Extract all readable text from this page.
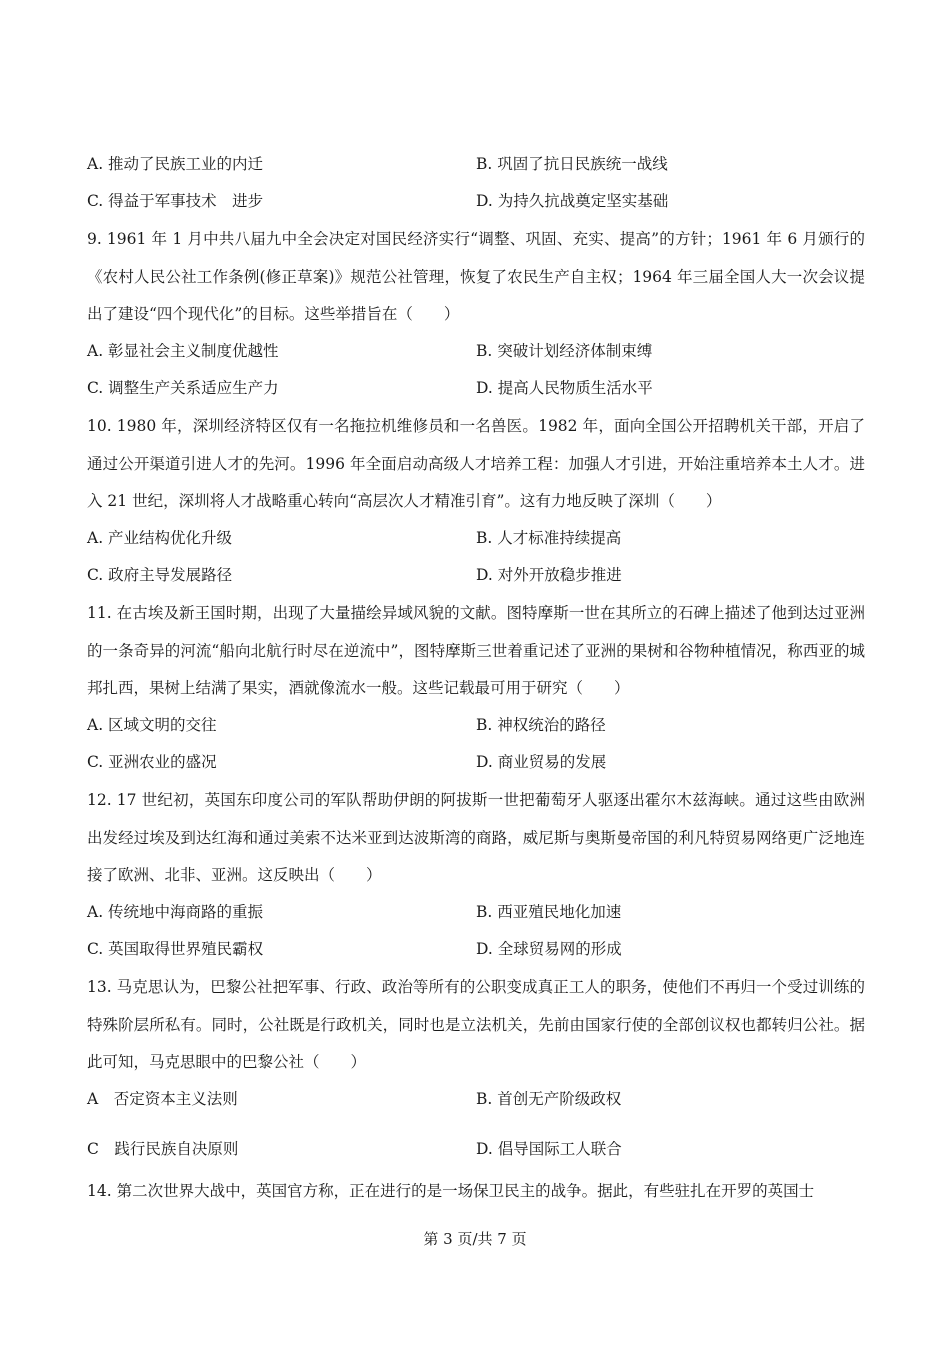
A. 推动了民族工业的内迁	B. 巩固了抗日民族统一战线
C. 得益于军事技术　进步	D. 为持久抗战奠定坚实基础
9. 1961 年 1 月中共八届九中全会决定对国民经济实行“调整、巩固、充实、提高”的方针；1961 年 6 月颁行的《农村人民公社工作条例(修正草案)》规范公社管理，恢复了农民生产自主权；1964 年三届全国人大一次会议提出了建设“四个现代化”的目标。这些举措旨在（　　）
A. 彰显社会主义制度优越性	B. 突破计划经济体制束缚
C. 调整生产关系适应生产力	D. 提高人民物质生活水平
10. 1980 年，深圳经济特区仅有一名拖拉机维修员和一名兽医。1982 年，面向全国公开招聘机关干部，开启了通过公开渠道引进人才的先河。1996 年全面启动高级人才培养工程：加强人才引进，开始注重培养本土人才。进入 21 世纪，深圳将人才战略重心转向“高层次人才精准引育”。这有力地反映了深圳（　　）
A. 产业结构优化升级	B. 人才标准持续提高
C. 政府主导发展路径	D. 对外开放稳步推进
11. 在古埃及新王国时期，出现了大量描绘异域风貌的文献。图特摩斯一世在其所立的石碑上描述了他到达过亚洲的一条奇异的河流“船向北航行时尽在逆流中”，图特摩斯三世着重记述了亚洲的果树和谷物种植情况，称西亚的城邦扎西，果树上结满了果实，酒就像流水一般。这些记载最可用于研究（　　）
A. 区域文明的交往	B. 神权统治的路径
C. 亚洲农业的盛况	D. 商业贸易的发展
12. 17 世纪初，英国东印度公司的军队帮助伊朗的阿拔斯一世把葡萄牙人驱逐出霍尔木兹海峡。通过这些由欧洲出发经过埃及到达红海和通过美索不达米亚到达波斯湾的商路，威尼斯与奥斯曼帝国的利凡特贸易网络更广泛地连接了欧洲、北非、亚洲。这反映出（　　）
A. 传统地中海商路的重振	B. 西亚殖民地化加速
C. 英国取得世界殖民霸权	D. 全球贸易网的形成
13. 马克思认为，巴黎公社把军事、行政、政治等所有的公职变成真正工人的职务，使他们不再归一个受过训练的特殊阶层所私有。同时，公社既是行政机关，同时也是立法机关，先前由国家行使的全部创议权也都转归公社。据此可知，马克思眼中的巴黎公社（　　）
A　否定资本主义法则	B. 首创无产阶级政权
C　践行民族自决原则	D. 倡导国际工人联合
14. 第二次世界大战中，英国官方称，正在进行的是一场保卫民主的战争。据此，有些驻扎在开罗的英国士
第 3 页/共 7 页
